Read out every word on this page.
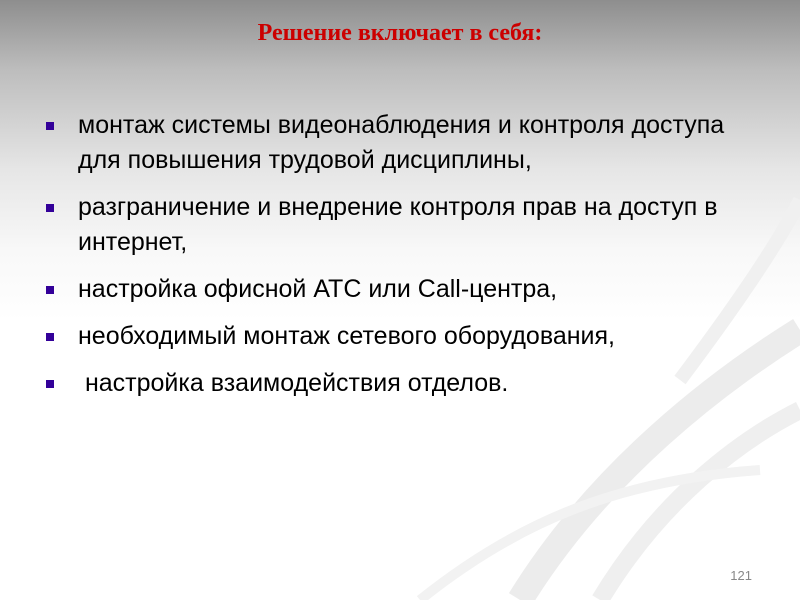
Решение включает в себя:
монтаж системы видеонаблюдения и контроля доступа для повышения трудовой дисциплины,
разграничение и внедрение контроля прав на доступ в интернет,
настройка офисной АТС или Call-центра,
необходимый монтаж сетевого оборудования,
настройка взаимодействия отделов.
121
